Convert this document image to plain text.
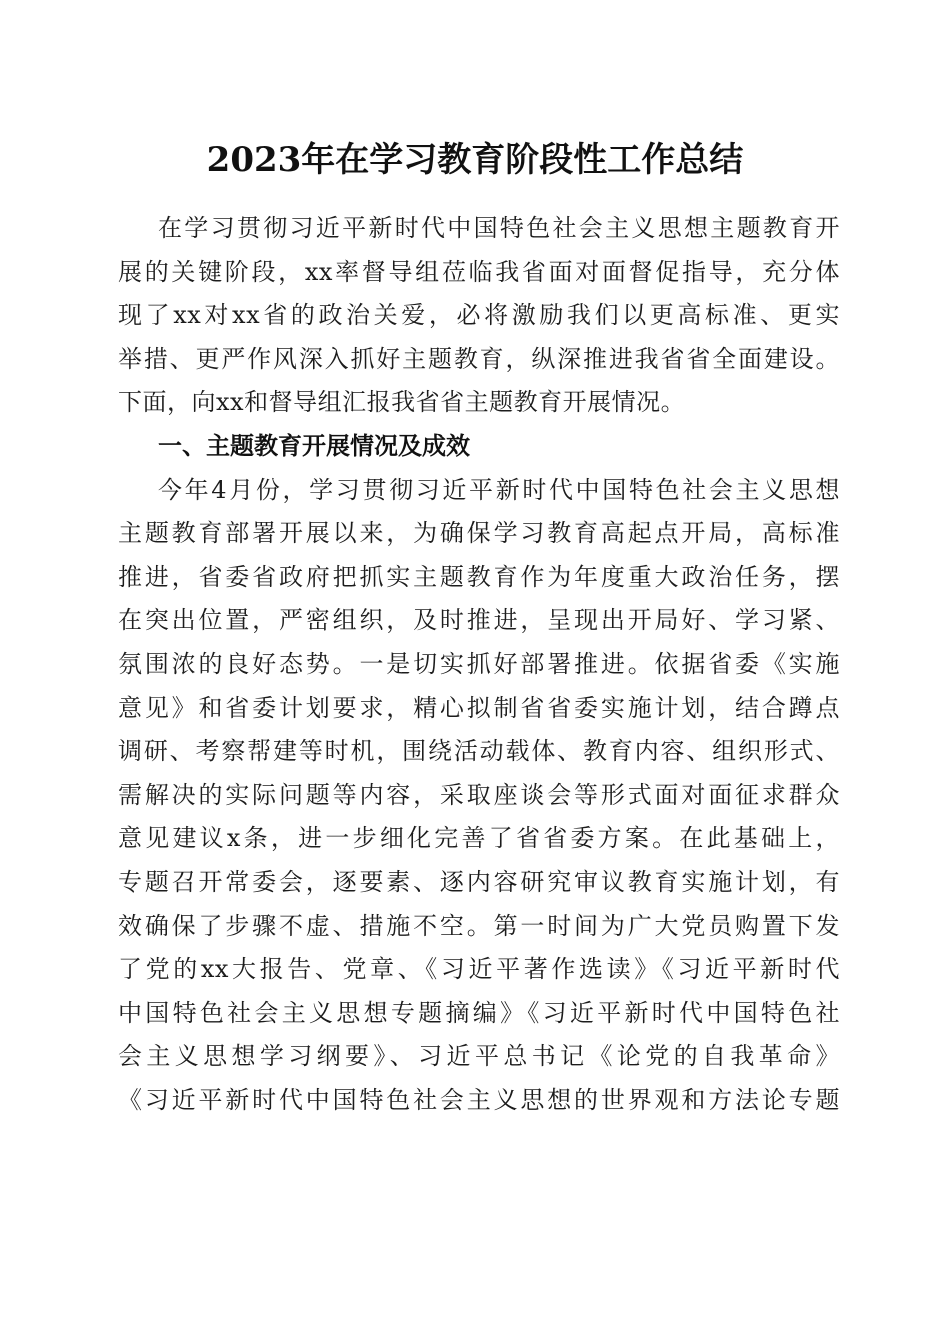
2023年在学习教育阶段性工作总结
在学习贯彻习近平新时代中国特色社会主义思想主题教育开
展的关键阶段，xx率督导组莅临我省面对面督促指导，充分体
现了xx对xx省的政治关爱，必将激励我们以更高标准、更实
举措、更严作风深入抓好主题教育，纵深推进我省省全面建设。
下面，向xx和督导组汇报我省省主题教育开展情况。
一、主题教育开展情况及成效
今年4月份，学习贯彻习近平新时代中国特色社会主义思想
主题教育部署开展以来，为确保学习教育高起点开局，高标准
推进，省委省政府把抓实主题教育作为年度重大政治任务，摆
在突出位置，严密组织，及时推进，呈现出开局好、学习紧、
氛围浓的良好态势。一是切实抓好部署推进。依据省委《实施
意见》和省委计划要求，精心拟制省省委实施计划，结合蹲点
调研、考察帮建等时机，围绕活动载体、教育内容、组织形式、
需解决的实际问题等内容，采取座谈会等形式面对面征求群众
意见建议x条，进一步细化完善了省省委方案。在此基础上，
专题召开常委会，逐要素、逐内容研究审议教育实施计划，有
效确保了步骤不虚、措施不空。第一时间为广大党员购置下发
了党的xx大报告、党章、《习近平著作选读》《习近平新时代
中国特色社会主义思想专题摘编》《习近平新时代中国特色社
会主义思想学习纲要》、习近平总书记《论党的自我革命》
《习近平新时代中国特色社会主义思想的世界观和方法论专题
